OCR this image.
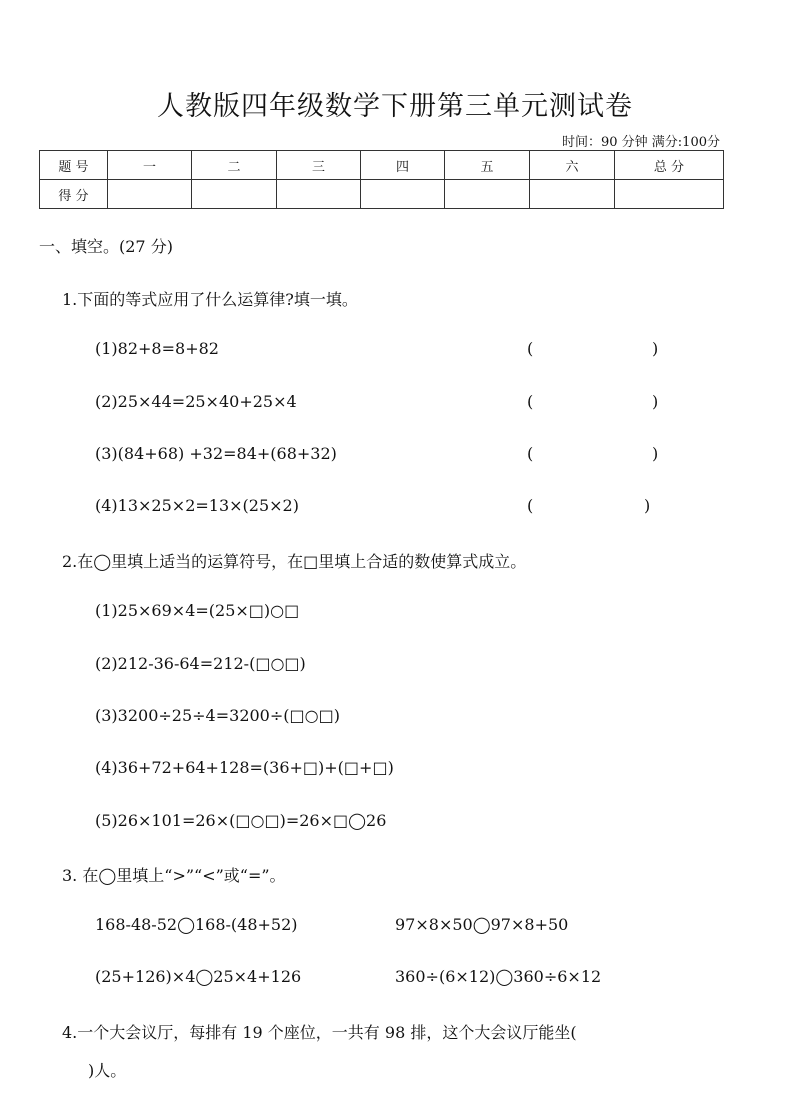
人教版四年级数学下册第三单元测试卷
时间：90 分钟 满分:100分
题 号	一	二	三	四	五	六	总 分
得 分							
一、填空。(27 分)
1.下面的等式应用了什么运算律?填一填。
(1)82+8=8+82	(	)
(2)25×44=25×40+25×4	(	)
(3)(84+68) +32=84+(68+32)	(	)
(4)13×25×2=13×(25×2)	(	)
2.在◯里填上适当的运算符号，在□里填上合适的数使算式成立。
(1)25×69×4=(25×□)○□
(2)212-36-64=212-(□○□)
(3)3200÷25÷4=3200÷(□○□)
(4)36+72+64+128=(36+□)+(□+□)
(5)26×101=26×(□○□)=26×□◯26
3. 在◯里填上“>”“<”或“=”。
168-48-52◯168-(48+52)	97×8×50◯97×8+50
(25+126)×4◯25×4+126	360÷(6×12)◯360÷6×12
4.一个大会议厅，每排有 19 个座位，一共有 98 排，这个大会议厅能坐(
)人。
